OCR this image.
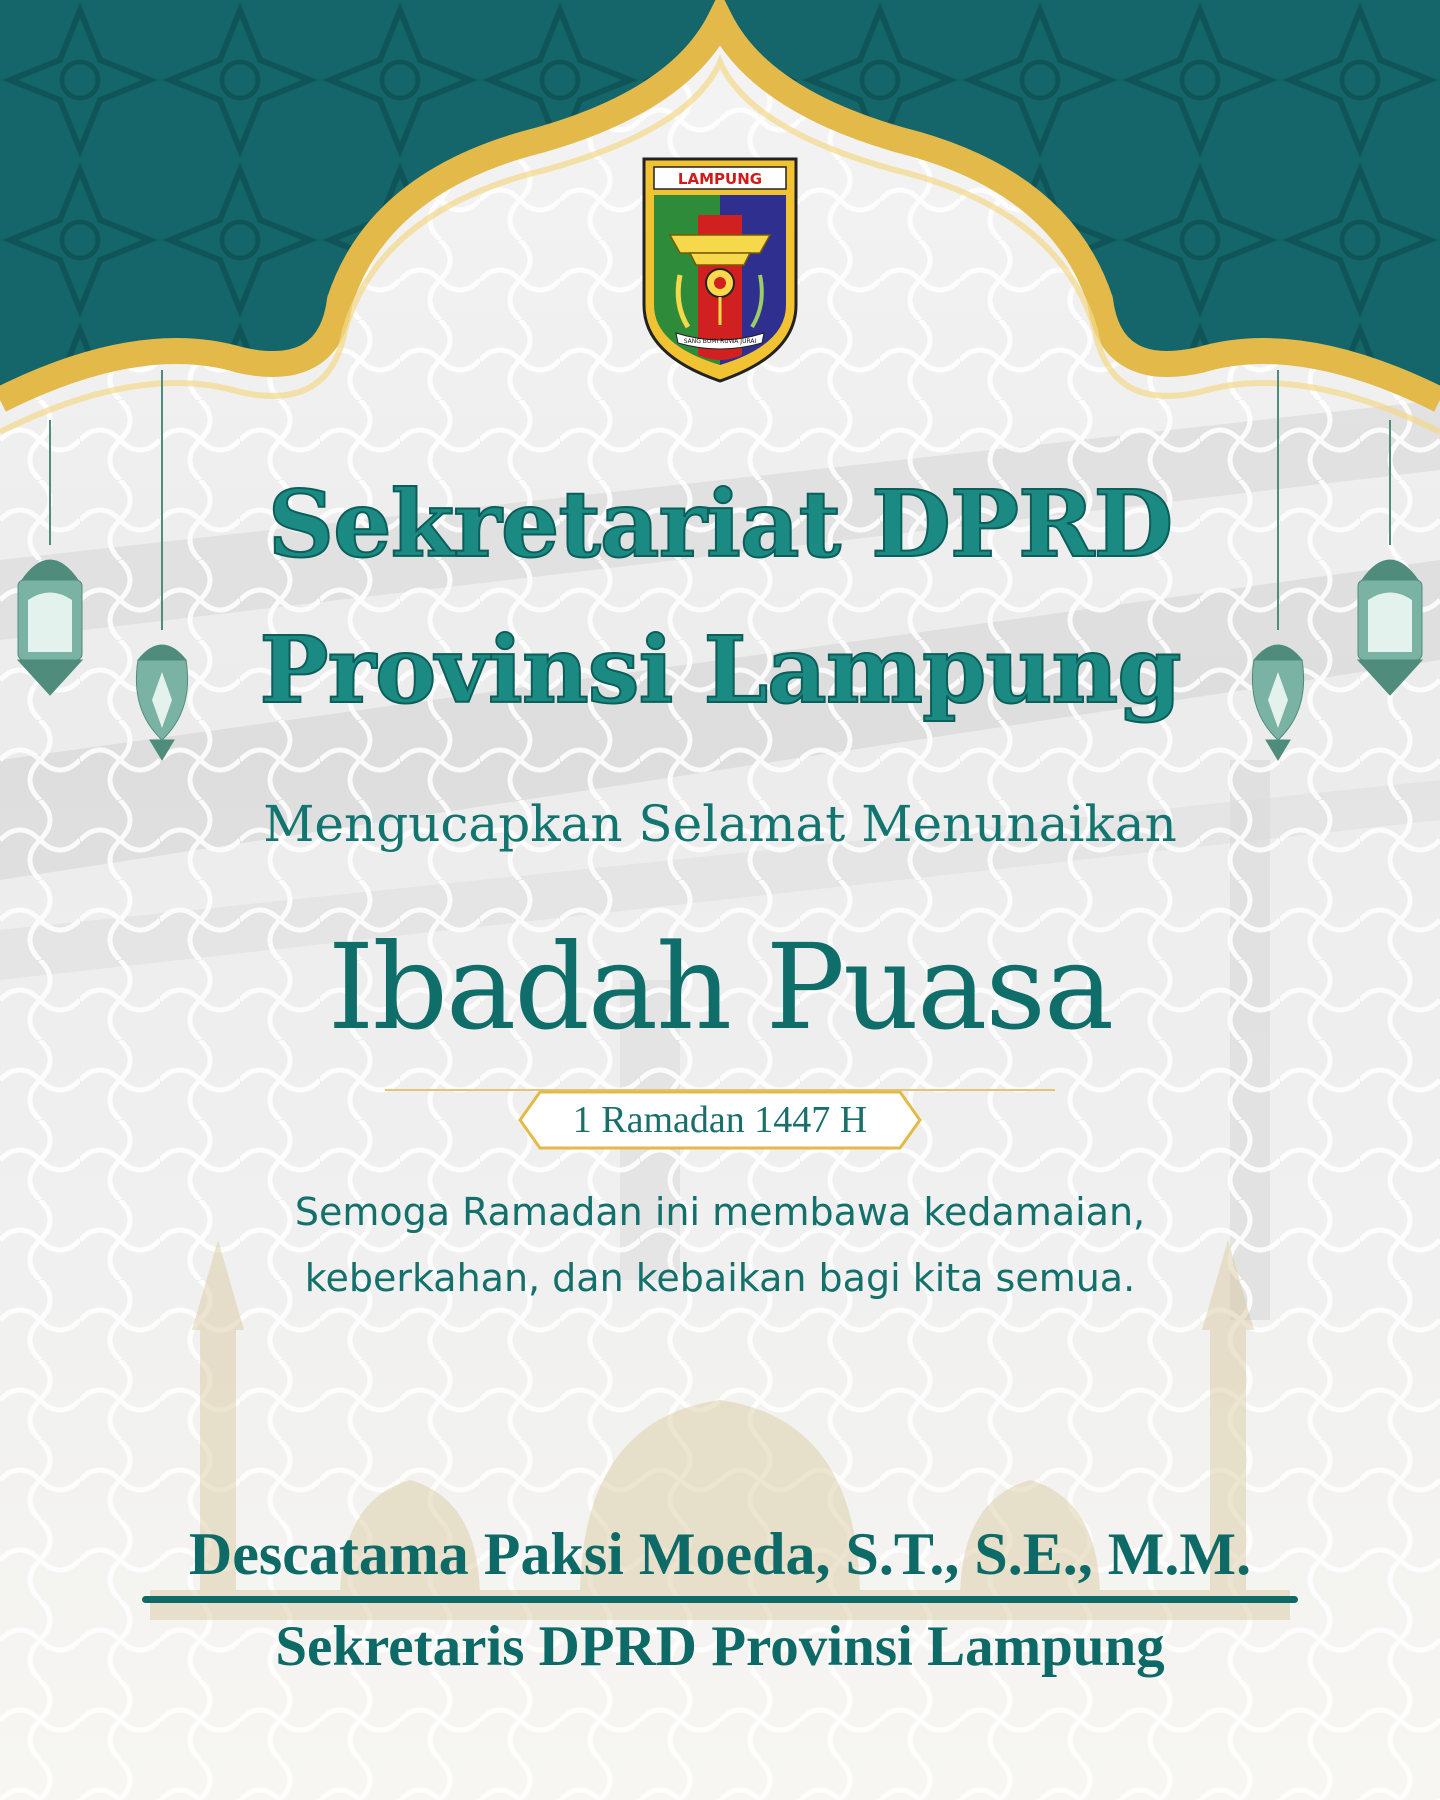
LAMPUNG
SANG BUMI RUWA JURAI
Sekretariat DPRD
Provinsi Lampung
Mengucapkan Selamat Menunaikan
Ibadah Puasa
1 Ramadan 1447 H
Semoga Ramadan ini membawa kedamaian,
keberkahan, dan kebaikan bagi kita semua.
Descatama Paksi Moeda, S.T., S.E., M.M.
Sekretaris DPRD Provinsi Lampung
